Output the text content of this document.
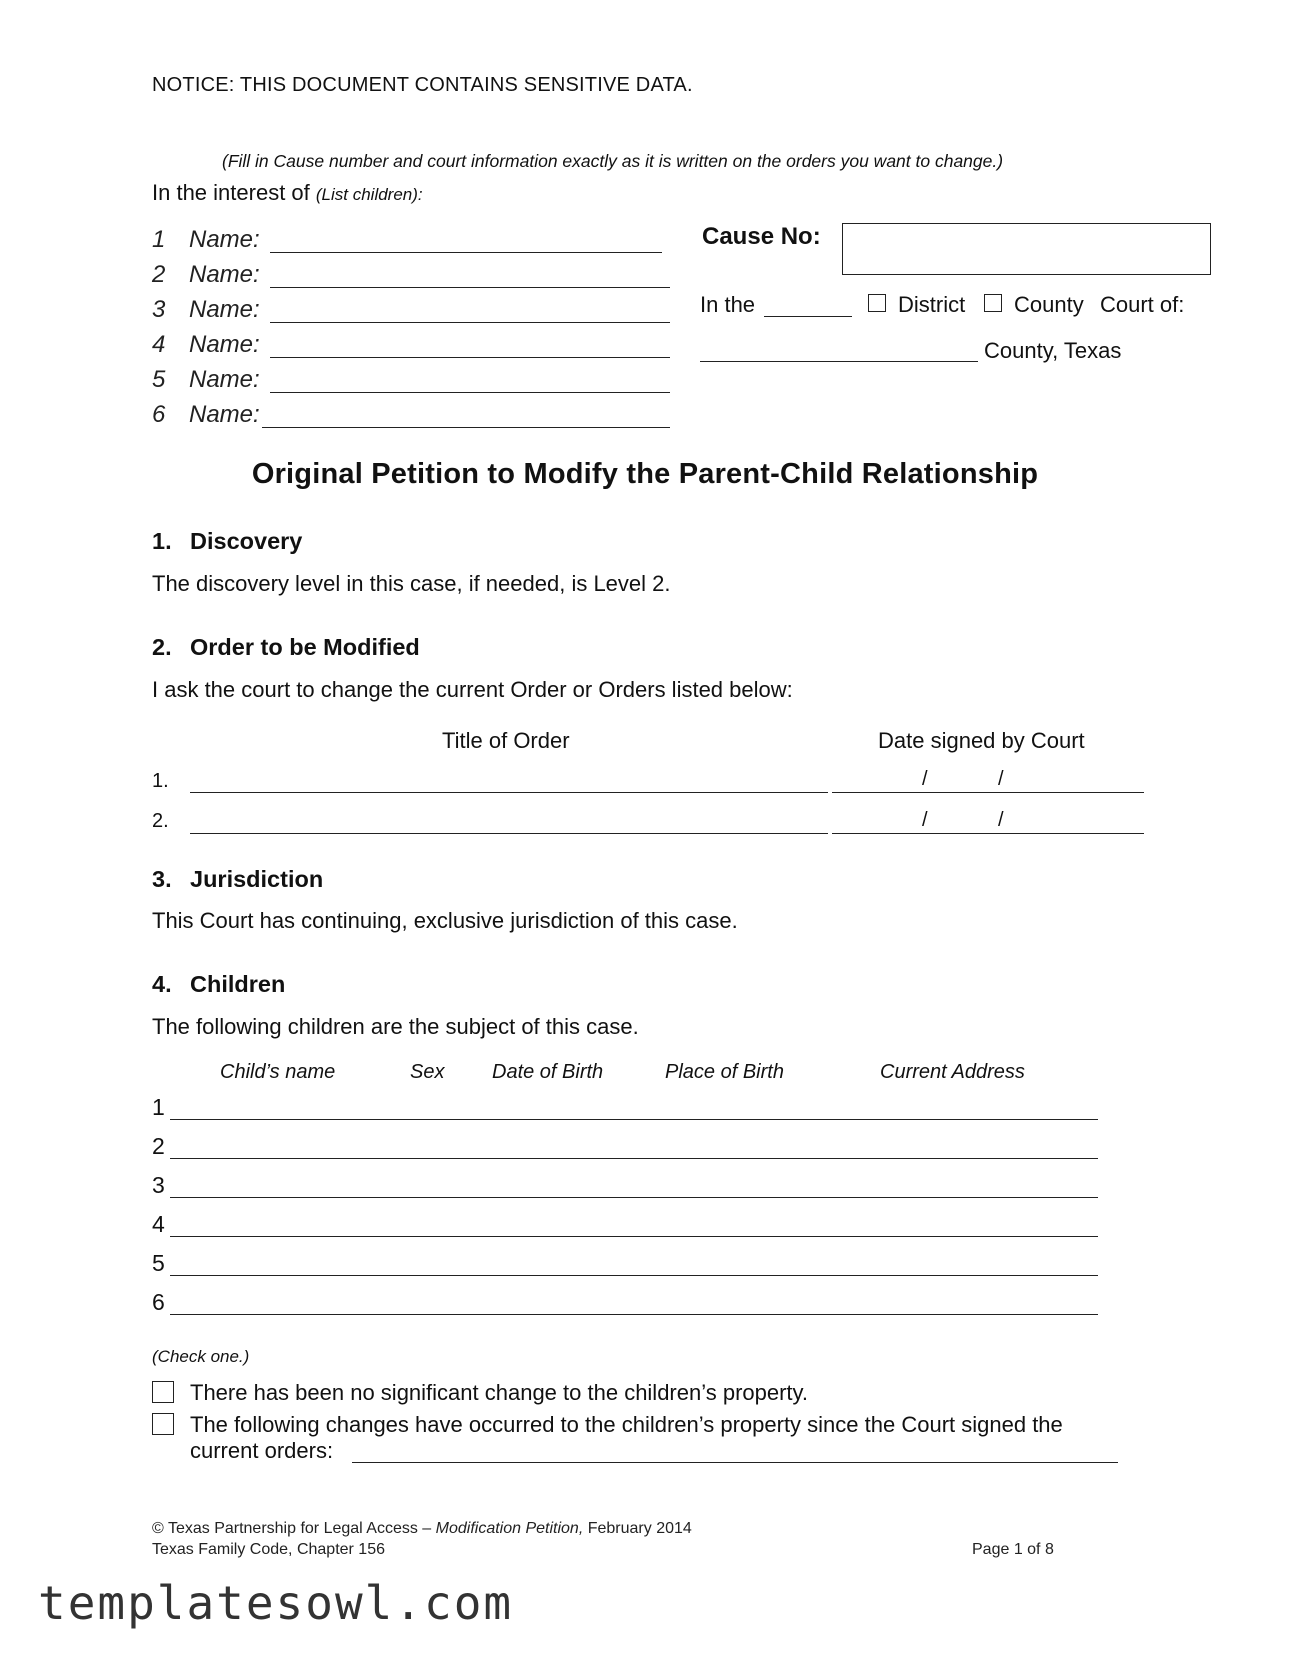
NOTICE: THIS DOCUMENT CONTAINS SENSITIVE DATA.
(Fill in Cause number and court information exactly as it is written on the orders you want to change.)
In the interest of (List children):
1 Name:
2 Name:
3 Name:
4 Name:
5 Name:
6 Name:
Cause No:
In the	District County Court of:
County, Texas
Original Petition to Modify the Parent-Child Relationship
1. Discovery
The discovery level in this case, if needed, is Level 2.
2. Order to be Modified
I ask the court to change the current Order or Orders listed below:
Title of Order	Date signed by Court
1.	/	/
2.	/	/
3. Jurisdiction
This Court has continuing, exclusive jurisdiction of this case.
4. Children
The following children are the subject of this case.
Child’s name	Sex Date of Birth	Place of Birth	Current Address
1
2
3
4
5
6
(Check one.)
There has been no significant change to the children’s property.
The following changes have occurred to the children’s property since the Court signed the
current orders:
© Texas Partnership for Legal Access – Modification Petition, February 2014
Texas Family Code, Chapter 156	Page 1 of 8
templatesowl.com
